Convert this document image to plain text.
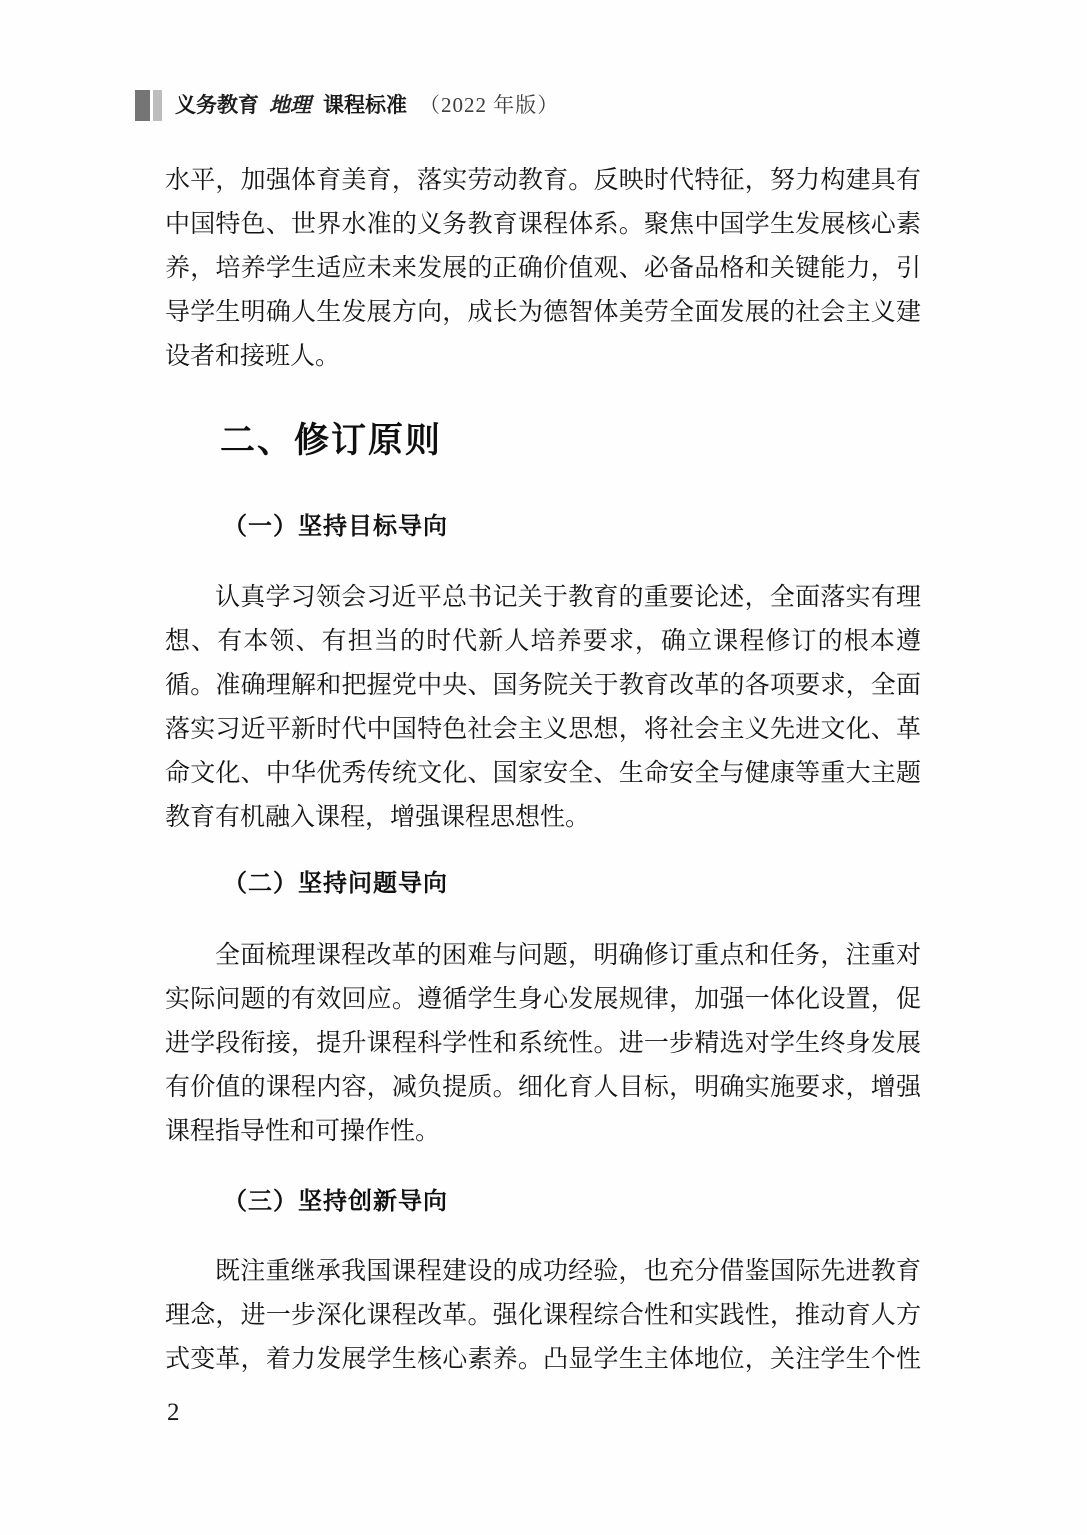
义务教育 地理 课程标准 （2022 年版）
水平，加强体育美育，落实劳动教育。反映时代特征，努力构建具有
中国特色、世界水准的义务教育课程体系。聚焦中国学生发展核心素
养，培养学生适应未来发展的正确价值观、必备品格和关键能力，引
导学生明确人生发展方向，成长为德智体美劳全面发展的社会主义建
设者和接班人。
二、修订原则
（一）坚持目标导向
认真学习领会习近平总书记关于教育的重要论述，全面落实有理
想、有本领、有担当的时代新人培养要求，确立课程修订的根本遵
循。准确理解和把握党中央、国务院关于教育改革的各项要求，全面
落实习近平新时代中国特色社会主义思想，将社会主义先进文化、革
命文化、中华优秀传统文化、国家安全、生命安全与健康等重大主题
教育有机融入课程，增强课程思想性。
（二）坚持问题导向
全面梳理课程改革的困难与问题，明确修订重点和任务，注重对
实际问题的有效回应。遵循学生身心发展规律，加强一体化设置，促
进学段衔接，提升课程科学性和系统性。进一步精选对学生终身发展
有价值的课程内容，减负提质。细化育人目标，明确实施要求，增强
课程指导性和可操作性。
（三）坚持创新导向
既注重继承我国课程建设的成功经验，也充分借鉴国际先进教育
理念，进一步深化课程改革。强化课程综合性和实践性，推动育人方
式变革，着力发展学生核心素养。凸显学生主体地位，关注学生个性
2
